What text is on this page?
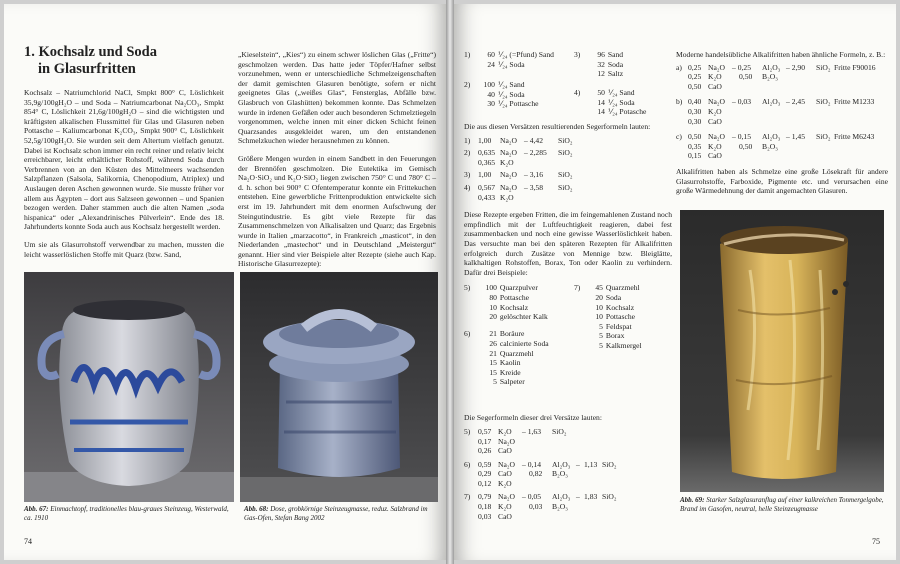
1. Kochsalz und Soda
in Glasurfritten

Kochsalz – Natriumchlorid NaCl, Smpkt 800° C, Löslichkeit 35,9g/100gH₂O – und Soda – Natriumcarbonat Na₂CO₃, Smpkt 854° C, Löslichkeit 21,6g/100gH₂O – sind die wichtigsten und kräftigsten alkalischen Flussmittel für Glas und Glasuren neben Pottasche – Kaliumcarbonat K₂CO₃, Smpkt 900° C, Löslichkeit 52,5g/100gH₂O. Sie wurden seit dem Altertum vielfach genutzt. Dabei ist Kochsalz schon immer ein recht reiner und relativ leicht erreichbarer, leicht erhältlicher Rohstoff, während Soda durch Verbrennen von an den Küsten des Mittelmeers wachsenden Salzpflanzen (Salsola, Salikornia, Chenopodium, Atriplex) und Auslaugen deren Aschen gewonnen wurde. Sie musste früher vor allem aus Ägypten – dort aus Salzseen gewonnen – und Spanien bezogen werden. Daher stammen auch die alten Namen „soda hispanica“ oder „Alexandrinisches Pülverlein“. Ende des 18. Jahrhunderts konnte Soda auch aus Kochsalz hergestellt werden.

Um sie als Glasurrohstoff verwendbar zu machen, mussten die leicht wasserlöslichen Stoffe mit Quarz (bzw. Sand,

„Kieselstein“, „Kies“) zu einem schwer löslichen Glas („Fritte“) geschmolzen werden. Das hatte jeder Töpfer/Hafner selbst vorzunehmen, wenn er unterschiedliche Schmelzeigenschaften der damit gemischten Glasuren benötigte, sofern er nicht geeignetes Glas („weißes Glas“, Fensterglas, Abfälle bzw. Glasbruch von Glashütten) bekommen konnte. Das Schmelzen wurde in irdenen Gefäßen oder auch besonderen Schmelztiegeln vorgenommen, welche innen mit einer dicken Schicht feinen Quarzsandes ausgekleidet waren, um den entstandenen Schmelzkuchen wieder herausnehmen zu können.

Größere Mengen wurden in einem Sandbett in den Feuerungen der Brennöfen geschmolzen. Die Eutektika im Gemisch Na₂O·SiO₂ und K₂O·SiO₂ liegen zwischen 750° C und 780° C – d. h. schon bei 900° C Ofentemperatur konnte ein Frittekuchen entstehen. Eine gewerbliche Frittenproduktion entwickelte sich erst im 19. Jahrhundert mit dem enormen Aufschwung der Steingutindustrie. Es gibt viele Rezepte für das Zusammenschmelzen von Alkalisalzen und Quarz; das Ergebnis wurde in Italien „marzacotto“, in Frankreich „masticot“, in den Niederlanden „mastechot“ und in Deutschland „Meistergut“ genannt. Hier sind vier Beispiele alter Rezepte (siehe auch Kap. Historische Glasurrezepte):

Abb. 67: Einmachtopf, traditionelles blau-graues Steinzeug, Westerwald, ca. 1910
Abb. 68: Dose, grobkörnige Steinzeugmasse, reduz. Salzbrand im Gas-Ofen, Stefan Bang 2002
74
1)	60 ⅟₂₄ (=Pfund) Sand
24 ⅟₂₄ Soda
3)	96 Sand
32 Soda
12 Saltz
2)	100 ⅟₂₄ Sand
40 ⅟₂₄ Soda
30 ⅟₂₄ Pottasche
4)	50 ⅟₂₄ Sand
14 ⅟₂₄ Soda
14 ⅟₂₄ Potasche

Die aus diesen Versätzen resultierenden Segerformeln lauten:

1)	1,00	Na₂O – 4,42	SiO₂
2)	0,635 Na₂O – 2,285	SiO₂
0,365 K₂O
3)	1,00	Na₂O – 3,16	SiO₂
4)	0,567 Na₂O – 3,58	SiO₂
0,433 K₂O

Diese Rezepte ergeben Fritten, die im feingemahlenen Zustand noch empfindlich mit der Luftfeuchtigkeit reagieren, dabei fest zusammenbacken und noch eine gewisse Wasserlöslichkeit haben. Das versuchte man bei den späteren Rezepten für Alkalifritten erfolgreich durch Zusätze von Mennige bzw. Bleiglätte, kalkhaltigen Rohstoffen, Borax, Ton oder Kaolin zu verhindern. Dafür drei Beispiele:

5)	100 Quarzpulver
80 Pottasche
10 Kochsalz
20 gelöschter Kalk
7)	45 Quarzmehl
20 Soda
10 Kochsalz
10 Pottasche
5 Feldspat
5 Borax
5 Kalkmergel
6)	21 Boräure
26 calcinierte Soda
21 Quarzmehl
15 Kaolin
15 Kreide
5 Salpeter

Die Segerformeln dieser drei Versätze lauten:

5)	0,57 K₂O	– 1,63	SiO₂
0,17 Na₂O
0,26 CaO
6)	0,59 Na₂O – 0,14	Al₂O₃ – 1,13 SiO₂
0,29 CaO	0,82	B₂O₃
0,12 K₂O
7)	0,79 Na₂O – 0,05	Al₂O₃ – 1,83 SiO₂
0,18 K₂O	0,03	B₂O₃
0,03 CaO

Moderne handelsübliche Alkalifritten haben ähnliche Formeln, z. B.:

a) 0,25 Na₂O – 0,25	Al₂O₃ – 2,90	SiO₂ Fritte F90016
0,25 K₂O	0,50	B₂O₃
0,50 CaO
b) 0,40 Na₂O – 0,03	Al₂O₃ – 2,45	SiO₂ Fritte M1233
0,30 K₂O
0,30 CaO
c) 0,50 Na₂O – 0,15	Al₂O₃ – 1,45	SiO₂ Fritte M6243
0,35 K₂O	0,50	B₂O₃
0,15 CaO

Alkalifritten haben als Schmelze eine große Lösekraft für andere Glasurrohstoffe, Farboxide, Pigmente etc. und verursachen eine große Wärmedehnung der damit angemachten Glasuren.

Abb. 69: Starker Salzglasuranflug auf einer kalkreichen Tonmergelgobe, Brand im Gasofen, neutral, helle Steinzeugmasse
75
